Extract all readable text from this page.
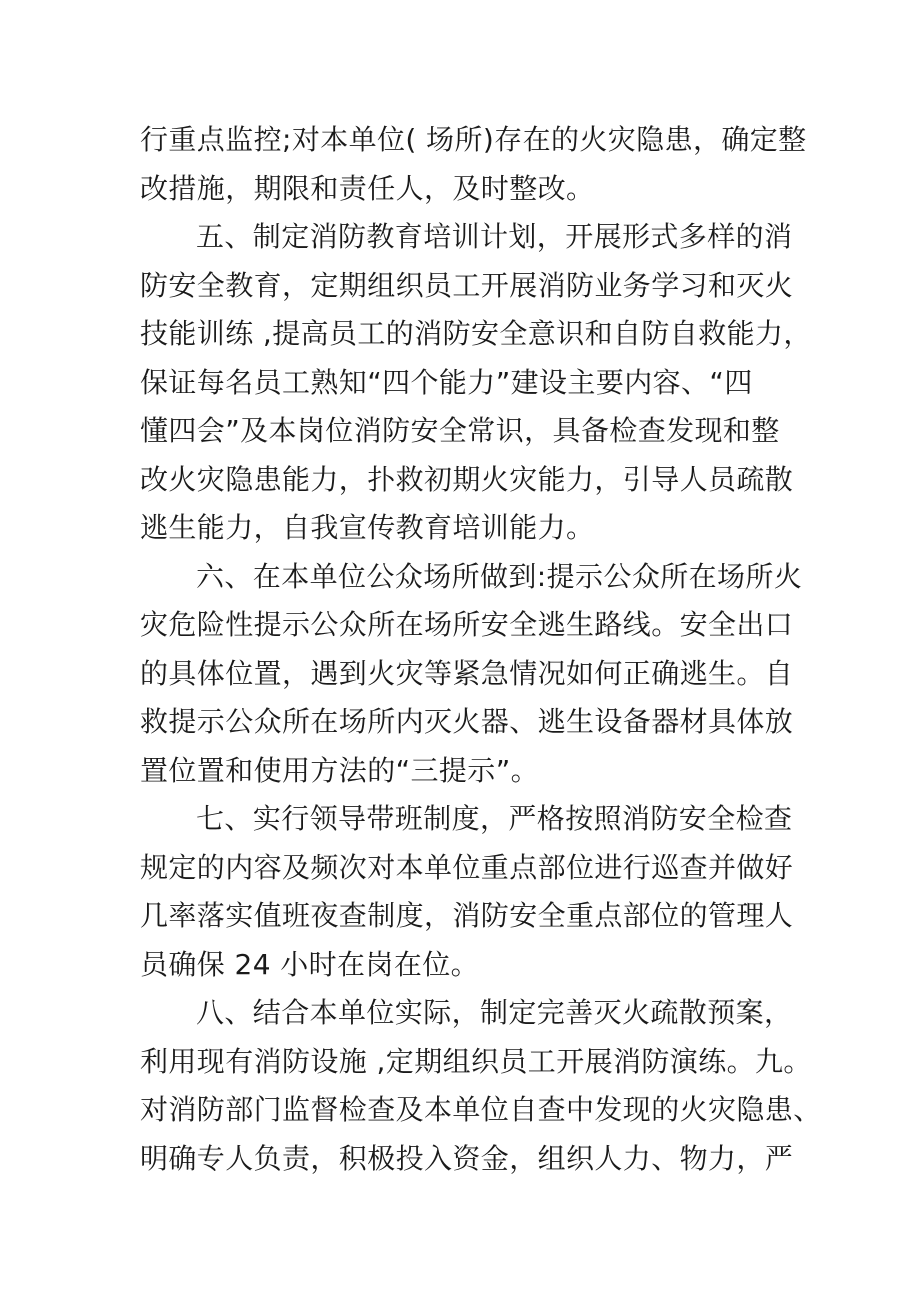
行重点监控;对本单位( 场所)存在的火灾隐患，确定整
改措施，期限和责任人，及时整改。
五、制定消防教育培训计划，开展形式多样的消
防安全教育，定期组织员工开展消防业务学习和灭火
技能训练 ,提高员工的消防安全意识和自防自救能力，
保证每名员工熟知“四个能力”建设主要内容、“四
懂四会”及本岗位消防安全常识，具备检查发现和整
改火灾隐患能力，扑救初期火灾能力，引导人员疏散
逃生能力，自我宣传教育培训能力。
六、在本单位公众场所做到:提示公众所在场所火
灾危险性提示公众所在场所安全逃生路线。安全出口
的具体位置，遇到火灾等紧急情况如何正确逃生。自
救提示公众所在场所内灭火器、逃生设备器材具体放
置位置和使用方法的“三提示”。
七、实行领导带班制度，严格按照消防安全检查
规定的内容及频次对本单位重点部位进行巡查并做好
几率落实值班夜查制度，消防安全重点部位的管理人
员确保 24 小时在岗在位。
八、结合本单位实际，制定完善灭火疏散预案，
利用现有消防设施 ,定期组织员工开展消防演练。九。
对消防部门监督检查及本单位自查中发现的火灾隐患、
明确专人负责，积极投入资金，组织人力、物力，严
